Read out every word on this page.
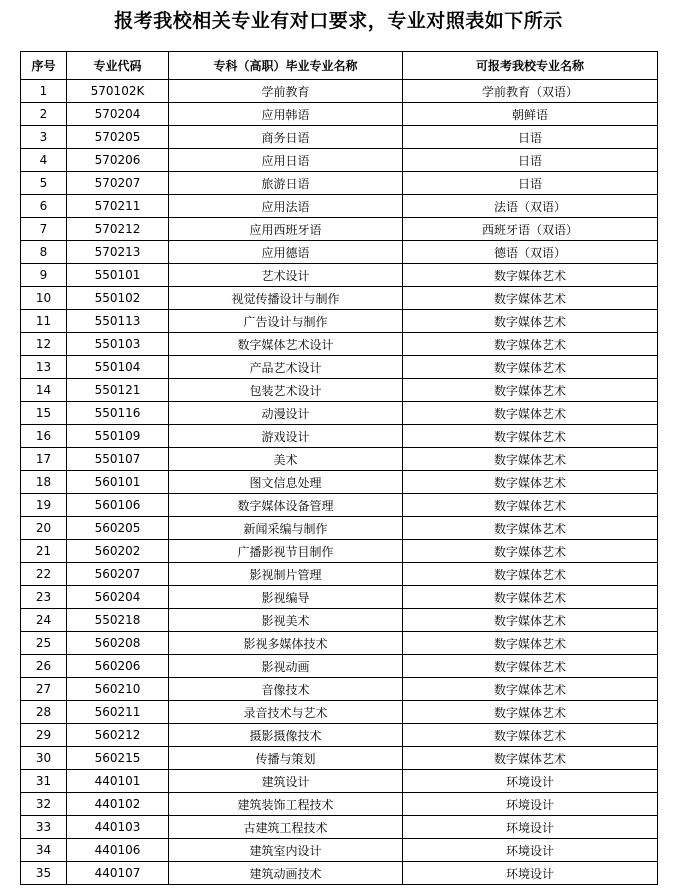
报考我校相关专业有对口要求，专业对照表如下所示
序号	专业代码	专科（高职）毕业专业名称	可报考我校专业名称
1	570102K	学前教育	学前教育（双语）
2	570204	应用韩语	朝鲜语
3	570205	商务日语	日语
4	570206	应用日语	日语
5	570207	旅游日语	日语
6	570211	应用法语	法语（双语）
7	570212	应用西班牙语	西班牙语（双语）
8	570213	应用德语	德语（双语）
9	550101	艺术设计	数字媒体艺术
10	550102	视觉传播设计与制作	数字媒体艺术
11	550113	广告设计与制作	数字媒体艺术
12	550103	数字媒体艺术设计	数字媒体艺术
13	550104	产品艺术设计	数字媒体艺术
14	550121	包装艺术设计	数字媒体艺术
15	550116	动漫设计	数字媒体艺术
16	550109	游戏设计	数字媒体艺术
17	550107	美术	数字媒体艺术
18	560101	图文信息处理	数字媒体艺术
19	560106	数字媒体设备管理	数字媒体艺术
20	560205	新闻采编与制作	数字媒体艺术
21	560202	广播影视节目制作	数字媒体艺术
22	560207	影视制片管理	数字媒体艺术
23	560204	影视编导	数字媒体艺术
24	550218	影视美术	数字媒体艺术
25	560208	影视多媒体技术	数字媒体艺术
26	560206	影视动画	数字媒体艺术
27	560210	音像技术	数字媒体艺术
28	560211	录音技术与艺术	数字媒体艺术
29	560212	摄影摄像技术	数字媒体艺术
30	560215	传播与策划	数字媒体艺术
31	440101	建筑设计	环境设计
32	440102	建筑装饰工程技术	环境设计
33	440103	古建筑工程技术	环境设计
34	440106	建筑室内设计	环境设计
35	440107	建筑动画技术	环境设计
